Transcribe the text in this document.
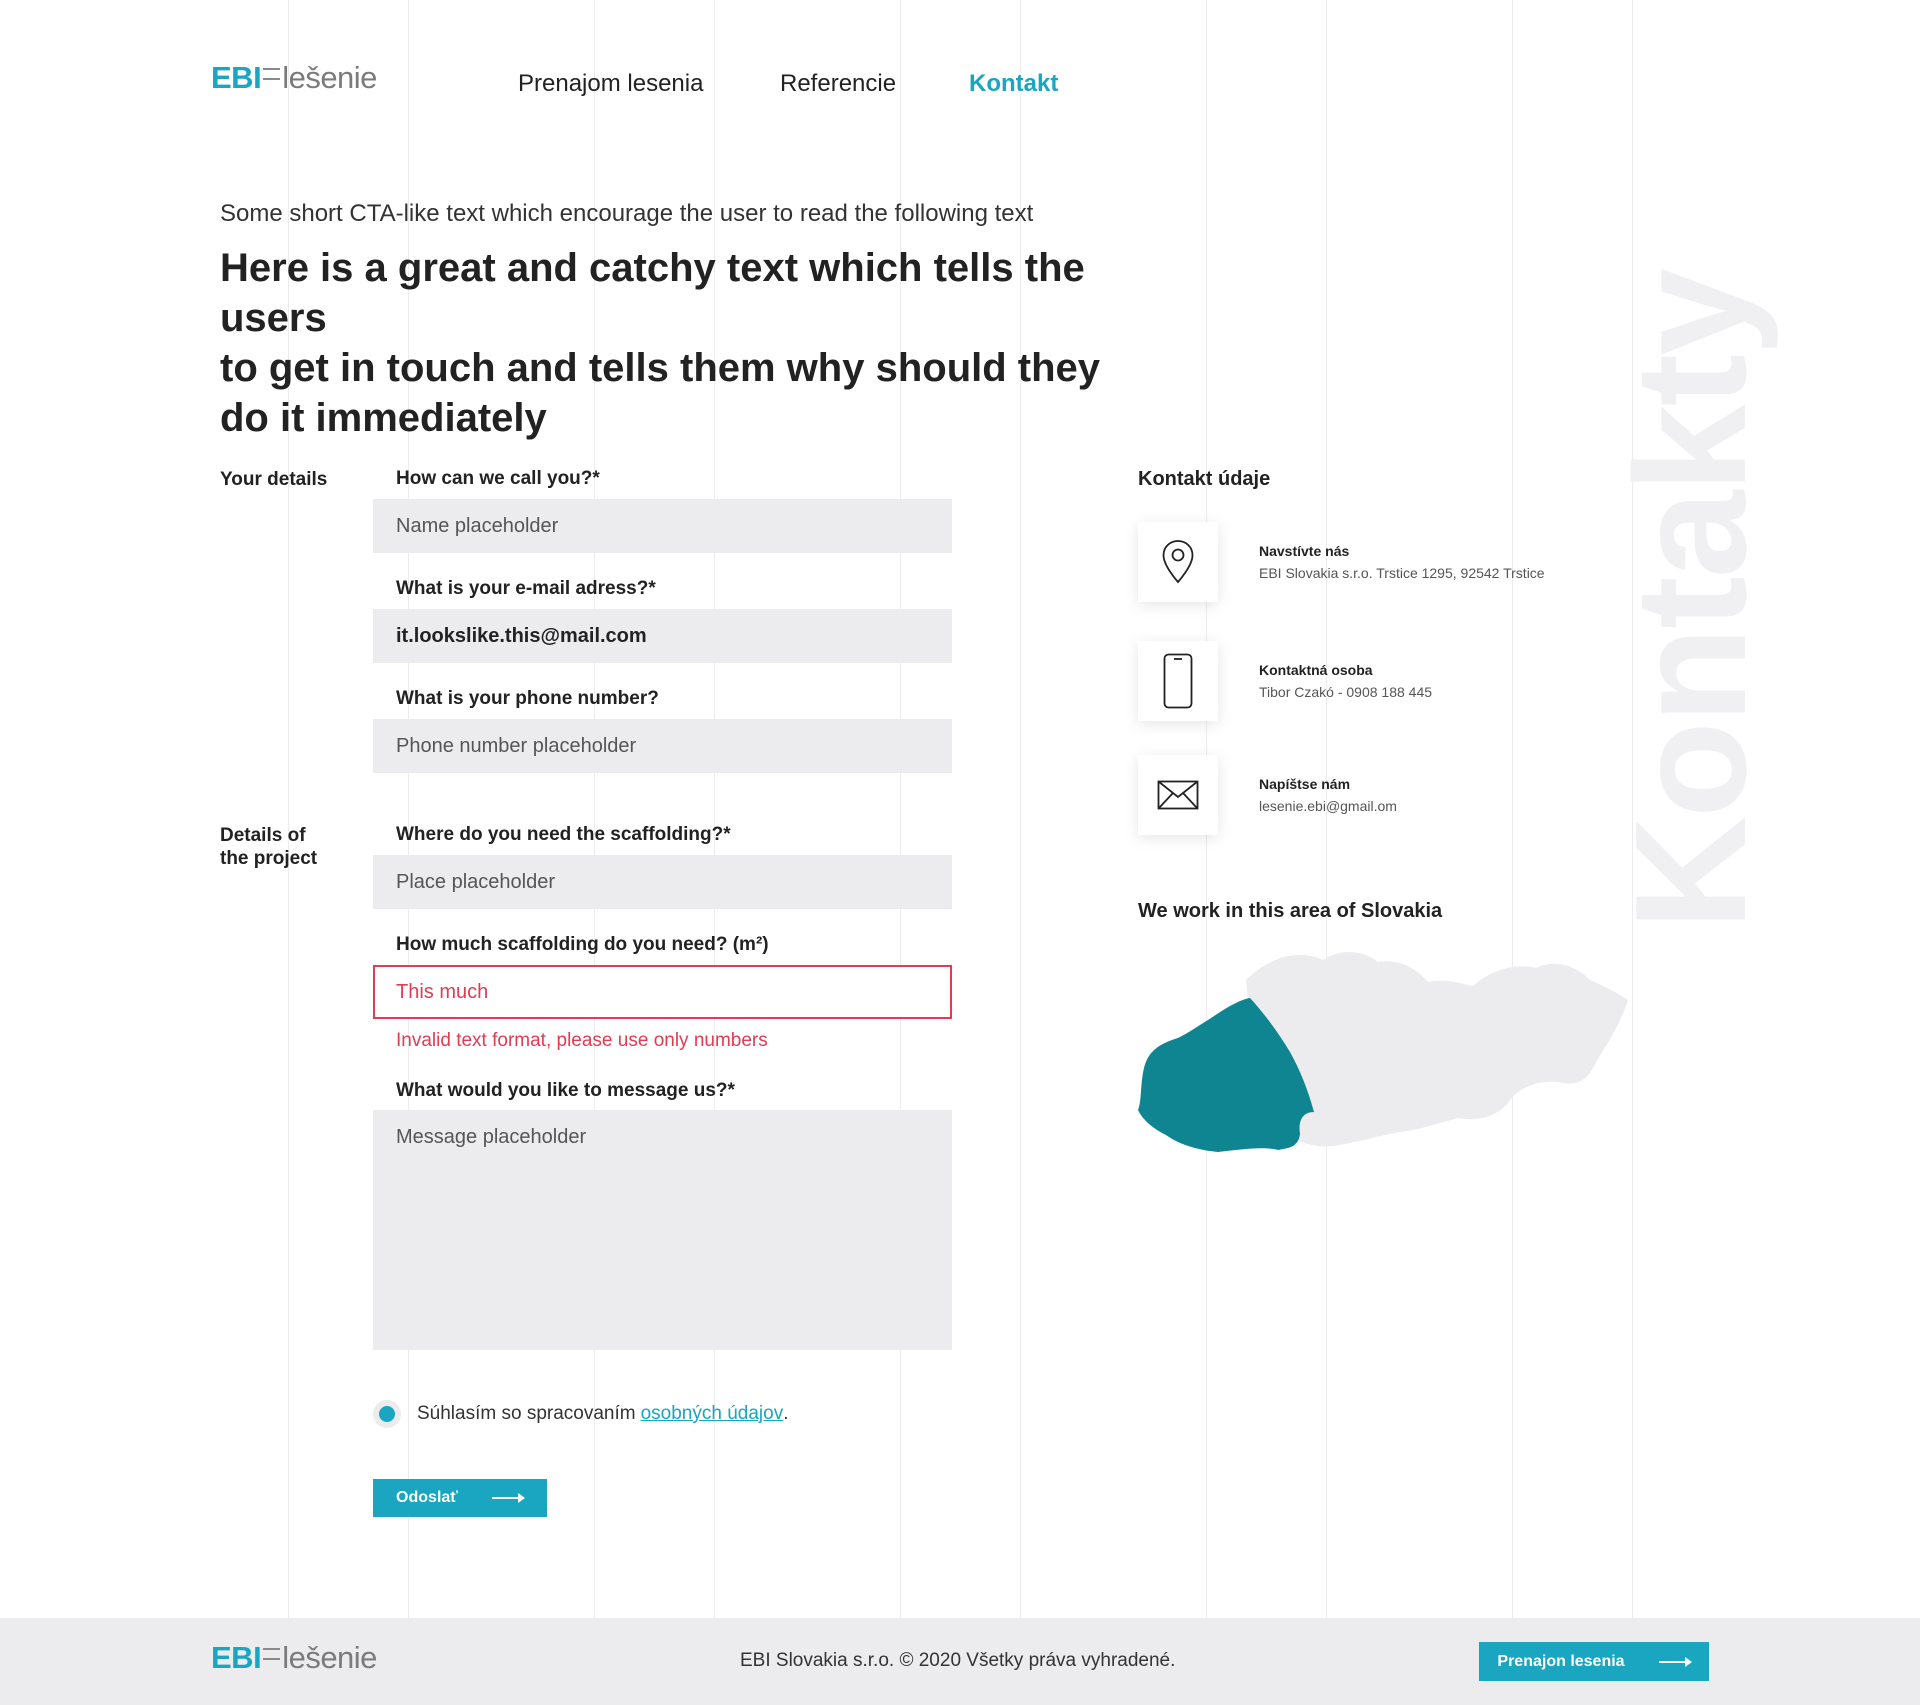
Kontakty
EBI lešenie	Prenajom lesenia	Referencie	Kontakt
Some short CTA-like text which encourage the user to read the following text
Here is a great and catchy text which tells the users
to get in touch and tells them why should they
do it immediately
Your details	How can we call you?*
Name placeholder
What is your e-mail adress?*
it.lookslike.this@mail.com
What is your phone number?
Phone number placeholder
Details of
the project
Where do you need the scaffolding?*
Place placeholder
How much scaffolding do you need? (m²)
This much
Invalid text format, please use only numbers
What would you like to message us?*
Message placeholder
Súhlasím so spracovaním osobných údajov .
Odoslať
Kontakt údaje
Navstívte nás
EBI Slovakia s.r.o. Trstice 1295, 92542 Trstice
Kontaktná osoba
Tibor Czakó - 0908 188 445
Napíštse nám
lesenie.ebi@gmail.om
We work in this area of Slovakia
EBI lešenie	EBI Slovakia s.r.o. © 2020 Všetky práva vyhradené.	Prenajon lesenia
